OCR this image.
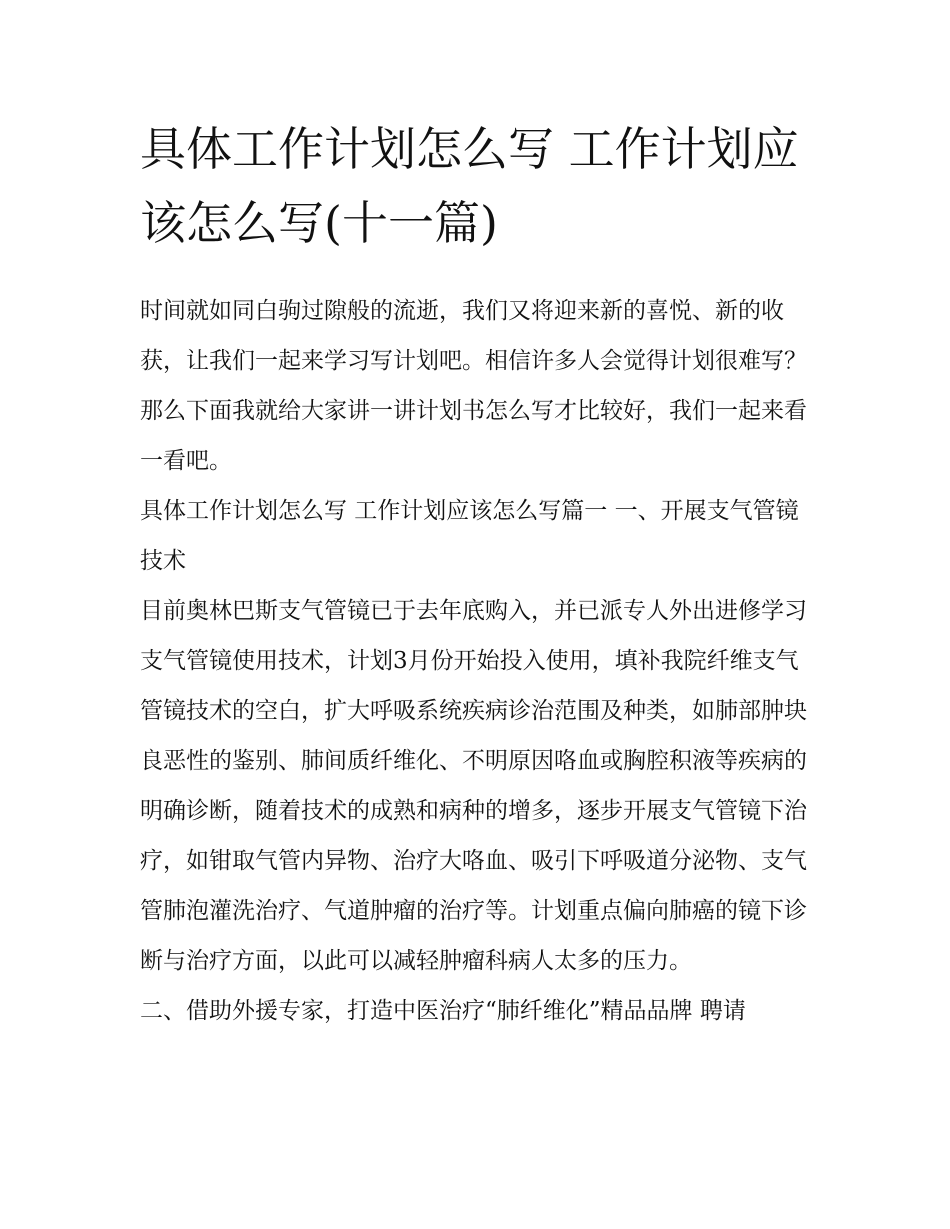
具体工作计划怎么写 工作计划应该怎么写(十一篇)

时间就如同白驹过隙般的流逝，我们又将迎来新的喜悦、新的收获，让我们一起来学习写计划吧。相信许多人会觉得计划很难写？那么下面我就给大家讲一讲计划书怎么写才比较好，我们一起来看一看吧。

具体工作计划怎么写 工作计划应该怎么写篇一 一、开展支气管镜技术

目前奥林巴斯支气管镜已于去年底购入，并已派专人外出进修学习支气管镜使用技术，计划3月份开始投入使用，填补我院纤维支气管镜技术的空白，扩大呼吸系统疾病诊治范围及种类，如肺部肿块良恶性的鉴别、肺间质纤维化、不明原因咯血或胸腔积液等疾病的明确诊断，随着技术的成熟和病种的增多，逐步开展支气管镜下治疗，如钳取气管内异物、治疗大咯血、吸引下呼吸道分泌物、支气管肺泡灌洗治疗、气道肿瘤的治疗等。计划重点偏向肺癌的镜下诊断与治疗方面，以此可以减轻肿瘤科病人太多的压力。

二、借助外援专家，打造中医治疗“肺纤维化”精品品牌 聘请
